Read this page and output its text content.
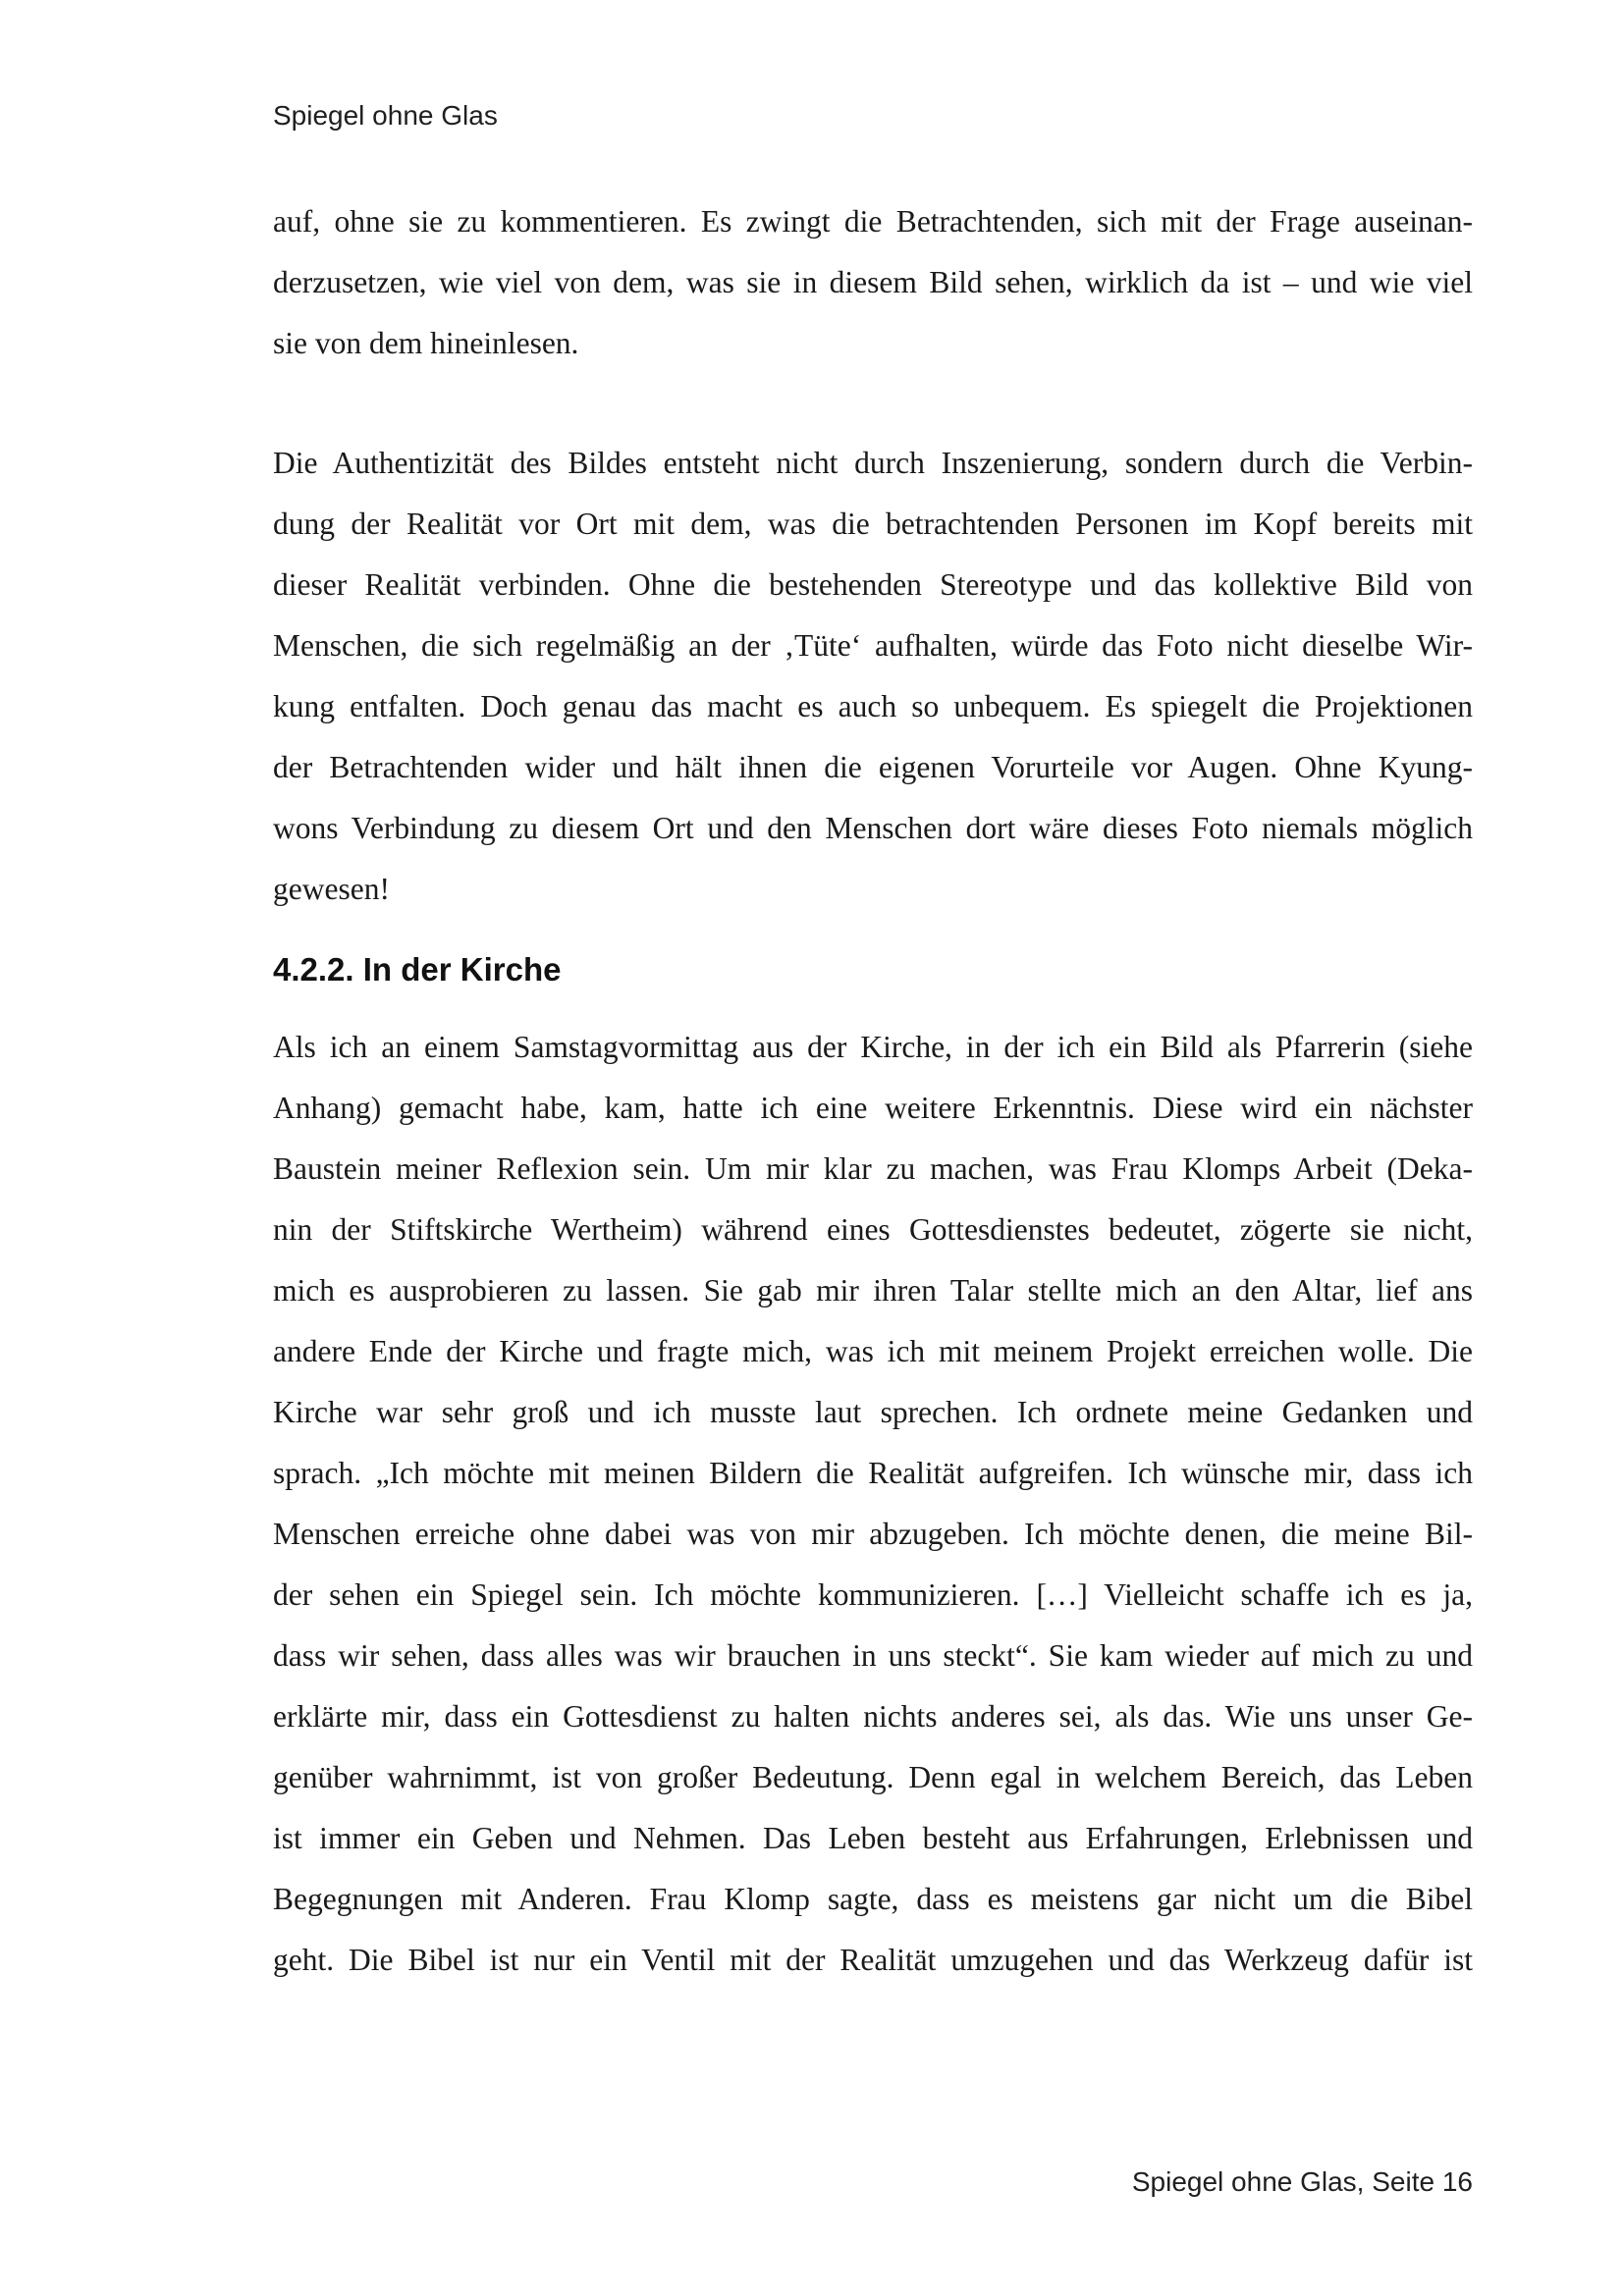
Spiegel ohne Glas
auf, ohne sie zu kommentieren. Es zwingt die Betrachtenden, sich mit der Frage auseinan-
derzusetzen, wie viel von dem, was sie in diesem Bild sehen, wirklich da ist – und wie viel
sie von dem hineinlesen.
Die Authentizität des Bildes entsteht nicht durch Inszenierung, sondern durch die Verbin-
dung der Realität vor Ort mit dem, was die betrachtenden Personen im Kopf bereits mit
dieser Realität verbinden. Ohne die bestehenden Stereotype und das kollektive Bild von
Menschen, die sich regelmäßig an der ‚Tüte‘ aufhalten, würde das Foto nicht dieselbe Wir-
kung entfalten. Doch genau das macht es auch so unbequem. Es spiegelt die Projektionen
der Betrachtenden wider und hält ihnen die eigenen Vorurteile vor Augen. Ohne Kyung-
wons Verbindung zu diesem Ort und den Menschen dort wäre dieses Foto niemals möglich
gewesen!
4.2.2. In der Kirche
Als ich an einem Samstagvormittag aus der Kirche, in der ich ein Bild als Pfarrerin (siehe
Anhang) gemacht habe, kam, hatte ich eine weitere Erkenntnis. Diese wird ein nächster
Baustein meiner Reflexion sein. Um mir klar zu machen, was Frau Klomps Arbeit (Deka-
nin der Stiftskirche Wertheim) während eines Gottesdienstes bedeutet, zögerte sie nicht,
mich es ausprobieren zu lassen. Sie gab mir ihren Talar stellte mich an den Altar, lief ans
andere Ende der Kirche und fragte mich, was ich mit meinem Projekt erreichen wolle. Die
Kirche war sehr groß und ich musste laut sprechen. Ich ordnete meine Gedanken und
sprach. „Ich möchte mit meinen Bildern die Realität aufgreifen. Ich wünsche mir, dass ich
Menschen erreiche ohne dabei was von mir abzugeben. Ich möchte denen, die meine Bil-
der sehen ein Spiegel sein. Ich möchte kommunizieren. […] Vielleicht schaffe ich es ja,
dass wir sehen, dass alles was wir brauchen in uns steckt“. Sie kam wieder auf mich zu und
erklärte mir, dass ein Gottesdienst zu halten nichts anderes sei, als das. Wie uns unser Ge-
genüber wahrnimmt, ist von großer Bedeutung. Denn egal in welchem Bereich, das Leben
ist immer ein Geben und Nehmen. Das Leben besteht aus Erfahrungen, Erlebnissen und
Begegnungen mit Anderen. Frau Klomp sagte, dass es meistens gar nicht um die Bibel
geht. Die Bibel ist nur ein Ventil mit der Realität umzugehen und das Werkzeug dafür ist
Spiegel ohne Glas, Seite 16
